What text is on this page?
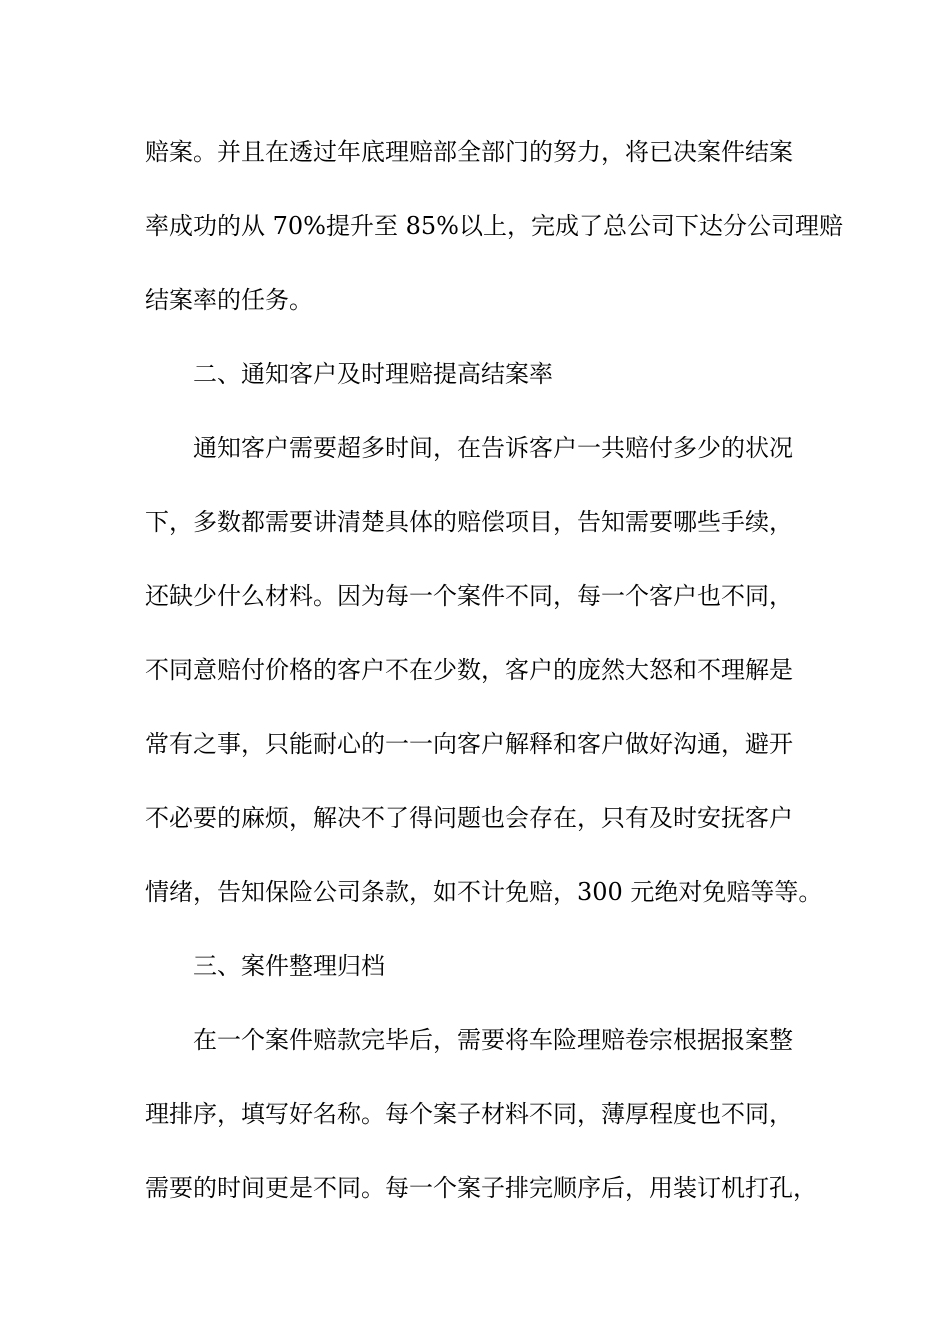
赔案。并且在透过年底理赔部全部门的努力，将已决案件结案

率成功的从 70%提升至 85%以上，完成了总公司下达分公司理赔

结案率的任务。

二、通知客户及时理赔提高结案率

通知客户需要超多时间，在告诉客户一共赔付多少的状况

下，多数都需要讲清楚具体的赔偿项目，告知需要哪些手续，

还缺少什么材料。因为每一个案件不同，每一个客户也不同，

不同意赔付价格的客户不在少数，客户的庞然大怒和不理解是

常有之事，只能耐心的一一向客户解释和客户做好沟通，避开

不必要的麻烦，解决不了得问题也会存在，只有及时安抚客户

情绪，告知保险公司条款，如不计免赔，300 元绝对免赔等等。

三、案件整理归档

在一个案件赔款完毕后，需要将车险理赔卷宗根据报案整

理排序，填写好名称。每个案子材料不同，薄厚程度也不同，

需要的时间更是不同。每一个案子排完顺序后，用装订机打孔，
